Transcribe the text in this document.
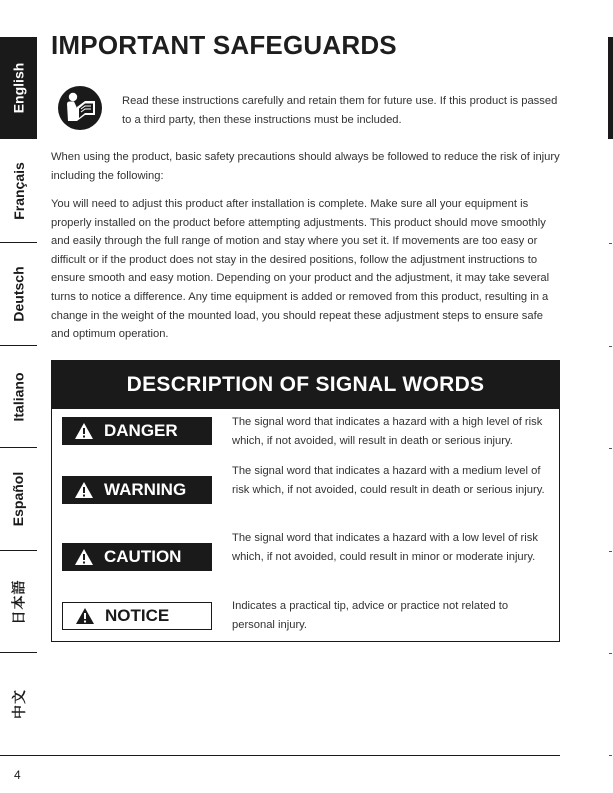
English
Français
Deutsch
Italiano
Español
日本語
中文
IMPORTANT SAFEGUARDS

Read these instructions carefully and retain them for future use. If this product is passed to a third party, then these instructions must be included.

When using the product, basic safety precautions should always be followed to reduce the risk of injury including the following:

You will need to adjust this product after installation is complete. Make sure all your equipment is properly installed on the product before attempting adjustments. This product should move smoothly and easily through the full range of motion and stay where you set it. If movements are too easy or difficult or if the product does not stay in the desired positions, follow the adjustment instructions to ensure smooth and easy motion. Depending on your product and the adjustment, it may take several turns to notice a difference. Any time equipment is added or removed from this product, resulting in a change in the weight of the mounted load, you should repeat these adjustment steps to ensure safe and optimum operation.

DESCRIPTION OF SIGNAL WORDS
DANGER	The signal word that indicates a hazard with a high level of risk which, if not avoided, will result in death or serious injury.
WARNING
The signal word that indicates a hazard with a medium level of risk which, if not avoided, could result in death or serious injury.
CAUTION
The signal word that indicates a hazard with a low level of risk which, if not avoided, could result in minor or moderate injury.
NOTICE	Indicates a practical tip, advice or practice not related to personal injury.
4
